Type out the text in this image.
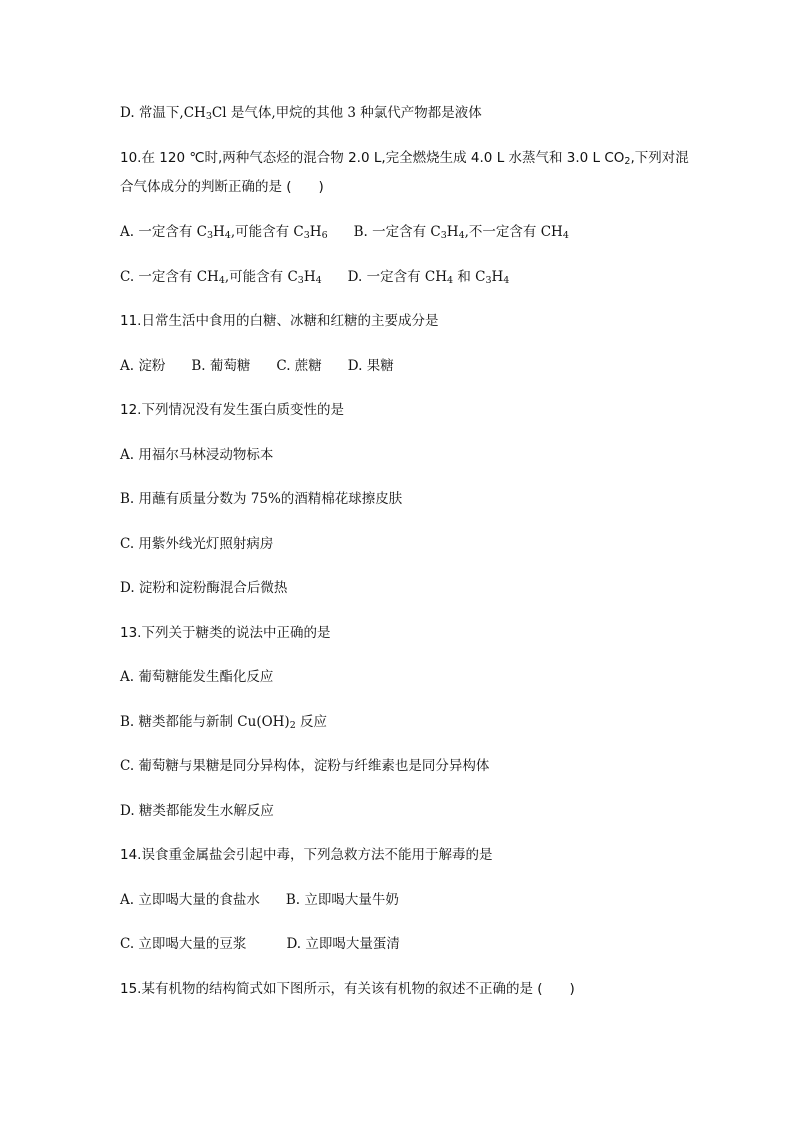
D. 常温下$,CH_3Cl$ 是气体,甲烷的其他 3 种氯代产物都是液体
10.在 120 ℃时,两种气态烃的混合物 2.0 L,完全燃烧生成 4.0 L 水蒸气和 3.0 L $CO_2$,下列对混
合气体成分的判断正确的是 (　　)
A. 一定含有 $C_3H_4$,可能含有 $C_3H_6$ B. 一定含有 $C_3H_4$,不一定含有 $CH_4$
C. 一定含有 $CH_4$,可能含有 $C_3H_4$ D. 一定含有 $CH_4$ 和 $C_3H_4$
11.日常生活中食用的白糖、冰糖和红糖的主要成分是
A. 淀粉 B. 葡萄糖 C. 蔗糖 D. 果糖
12.下列情况没有发生蛋白质变性的是
A. 用福尔马林浸动物标本
B. 用蘸有质量分数为 75%的酒精棉花球擦皮肤
C. 用紫外线光灯照射病房
D. 淀粉和淀粉酶混合后微热
13.下列关于糖类的说法中正确的是
A. 葡萄糖能发生酯化反应
B. 糖类都能与新制 $Cu(OH)_2$ 反应
C. 葡萄糖与果糖是同分异构体，淀粉与纤维素也是同分异构体
D. 糖类都能发生水解反应
14.误食重金属盐会引起中毒，下列急救方法不能用于解毒的是
A. 立即喝大量的食盐水 B. 立即喝大量牛奶
C. 立即喝大量的豆浆	D. 立即喝大量蛋清
15.某有机物的结构简式如下图所示，有关该有机物的叙述不正确的是 (　　)
